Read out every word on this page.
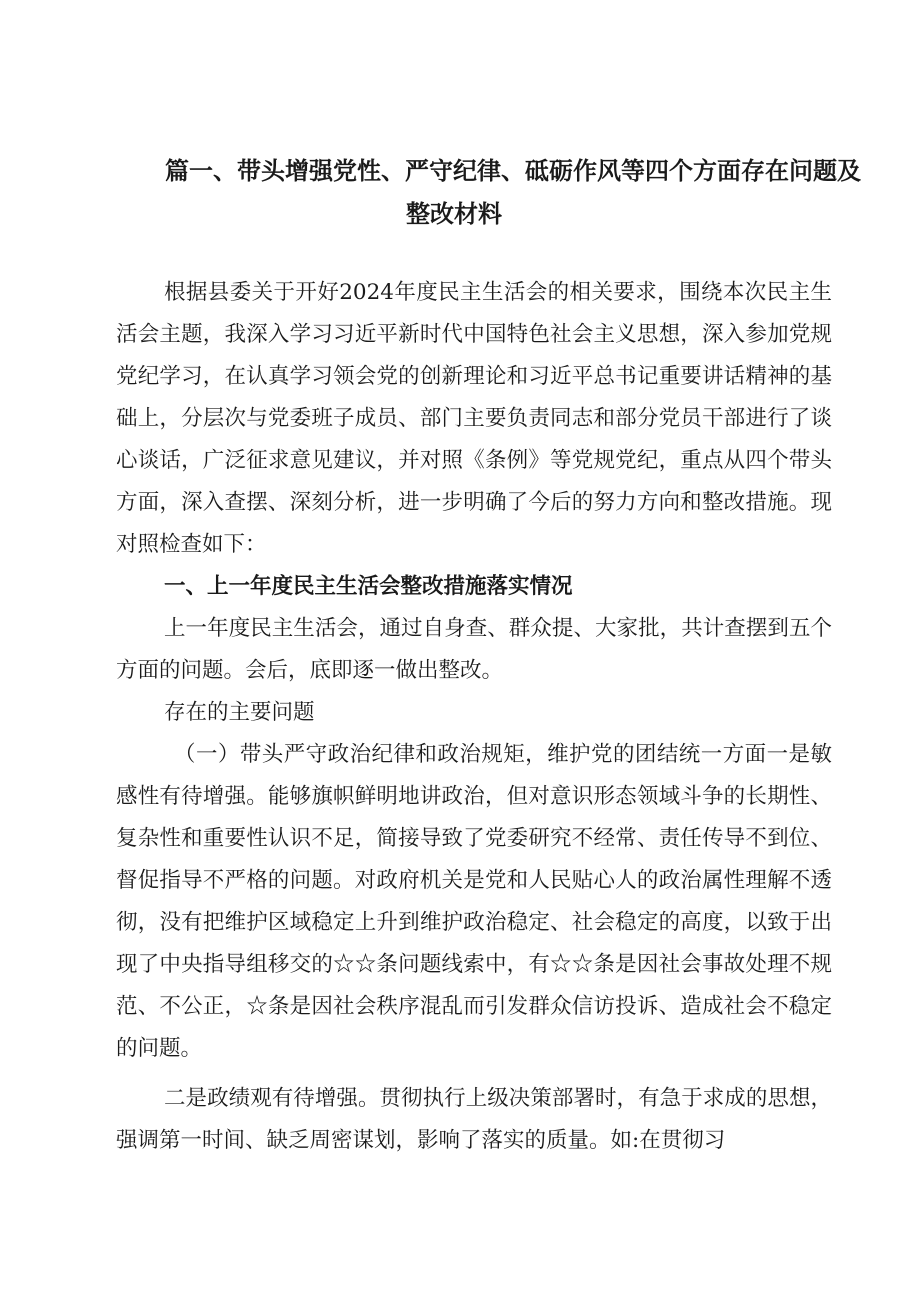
篇一、带头增强党性、严守纪律、砥砺作风等四个方面存在问题及
整改材料

根据县委关于开好2024年度民主生活会的相关要求，围绕本次民主生活会主题，我深入学习习近平新时代中国特色社会主义思想，深入参加党规党纪学习，在认真学习领会党的创新理论和习近平总书记重要讲话精神的基础上，分层次与党委班子成员、部门主要负责同志和部分党员干部进行了谈心谈话，广泛征求意见建议，并对照《条例》等党规党纪，重点从四个带头方面，深入查摆、深刻分析，进一步明确了今后的努力方向和整改措施。现对照检查如下：

一、上一年度民主生活会整改措施落实情况

上一年度民主生活会，通过自身查、群众提、大家批，共计查摆到五个方面的问题。会后，底即逐一做出整改。

存在的主要问题

（一）带头严守政治纪律和政治规矩，维护党的团结统一方面一是敏感性有待增强。能够旗帜鲜明地讲政治，但对意识形态领域斗争的长期性、复杂性和重要性认识不足，简接导致了党委研究不经常、责任传导不到位、督促指导不严格的问题。对政府机关是党和人民贴心人的政治属性理解不透彻，没有把维护区域稳定上升到维护政治稳定、社会稳定的高度，以致于出现了中央指导组移交的☆☆条问题线索中，有☆☆条是因社会事故处理不规范、不公正，☆条是因社会秩序混乱而引发群众信访投诉、造成社会不稳定的问题。

二是政绩观有待增强。贯彻执行上级决策部署时，有急于求成的思想，强调第一时间、缺乏周密谋划，影响了落实的质量。如:在贯彻习
